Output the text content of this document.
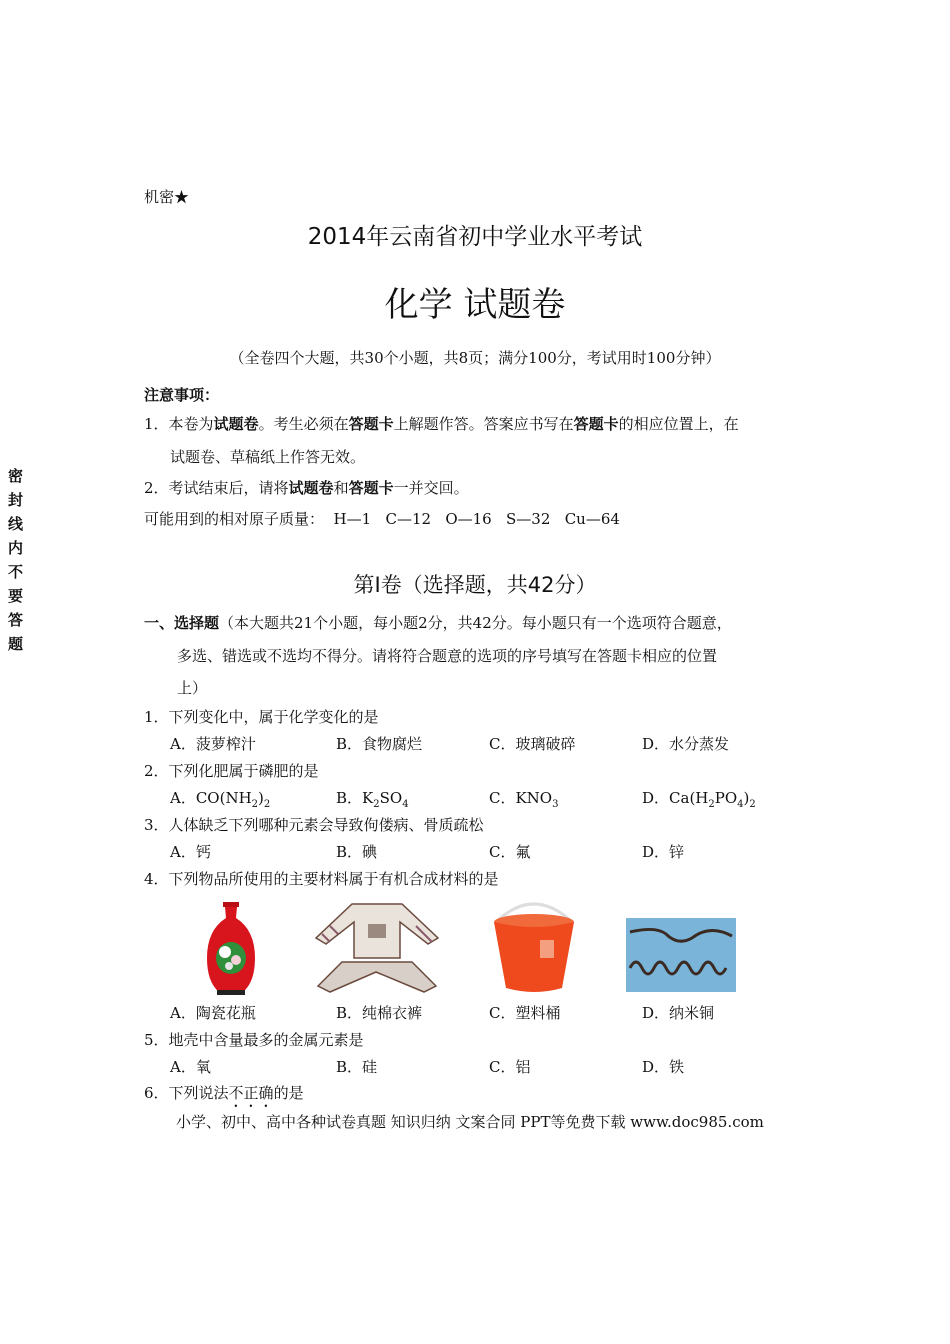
机密★
2014年云南省初中学业水平考试
化学 试题卷
（全卷四个大题，共30个小题，共8页；满分100分，考试用时100分钟）
密封线内不要答题
注意事项：
1．本卷为试题卷。考生必须在答题卡上解题作答。答案应书写在答题卡的相应位置上，在
试题卷、草稿纸上作答无效。
2．考试结束后，请将试题卷和答题卡一并交回。
可能用到的相对原子质量：  H—1   C—12   O—16   S—32   Cu—64
第Ⅰ卷（选择题，共42分）
一、选择题（本大题共21个小题，每小题2分，共42分。每小题只有一个选项符合题意，
多选、错选或不选均不得分。请将符合题意的选项的序号填写在答题卡相应的位置
上）
1．下列变化中，属于化学变化的是
A．菠萝榨汁	B．食物腐烂	C．玻璃破碎	D．水分蒸发
2．下列化肥属于磷肥的是
A．$CO(NH_2)_2$	B．$K_2SO_4$	C．$KNO_3$	D．$Ca(H_2PO_4)_2$
3．人体缺乏下列哪种元素会导致佝偻病、骨质疏松
A．钙	B．碘	C．氟	D．锌
4．下列物品所使用的主要材料属于有机合成材料的是
A．陶瓷花瓶	B．纯棉衣裤	C．塑料桶	D．纳米铜
5．地壳中含量最多的金属元素是
A．氧	B．硅	C．铝	D．铁
6．下列说法不正确的是
小学、初中、高中各种试卷真题 知识归纳 文案合同 PPT等免费下载 www.doc985.com
